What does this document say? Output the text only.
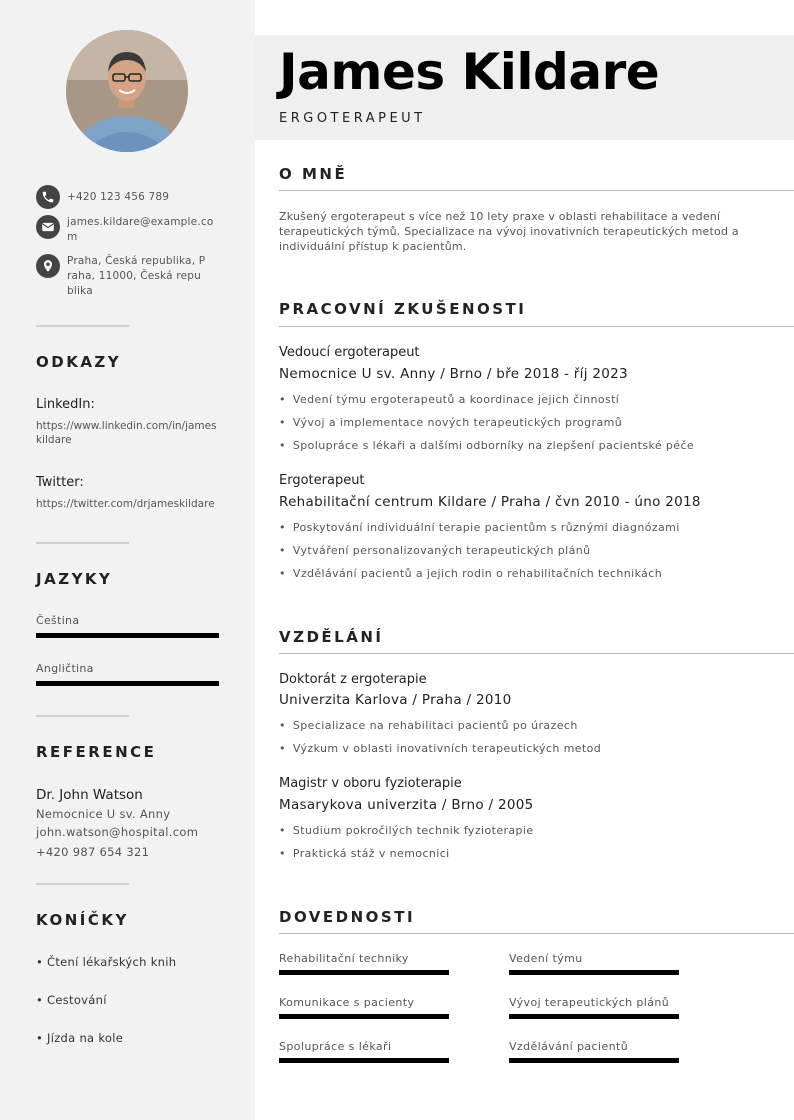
+420 123 456 789
james.kildare@example.com
Praha, Česká republika, Praha, 11000, Česká republika
ODKAZY
LinkedIn:
https://www.linkedin.com/in/jameskildare
Twitter:
https://twitter.com/drjameskildare
JAZYKY
Čeština
Angličtina
REFERENCE
Dr. John Watson
Nemocnice U sv. Anny
john.watson@hospital.com
+420 987 654 321
KONÍČKY
• Čtení lékařských knih
• Cestování
• Jízda na kole
James Kildare
ERGOTERAPEUT
O MNĚ
Zkušený ergoterapeut s více než 10 lety praxe v oblasti rehabilitace a vedení terapeutických týmů. Specializace na vývoj inovativních terapeutických metod a individuální přístup k pacientům.
PRACOVNÍ ZKUŠENOSTI
Vedoucí ergoterapeut
Nemocnice U sv. Anny / Brno / bře 2018 - říj 2023
• Vedení týmu ergoterapeutů a koordinace jejich činností
• Vývoj a implementace nových terapeutických programů
• Spolupráce s lékaři a dalšími odborníky na zlepšení pacientské péče
Ergoterapeut
Rehabilitační centrum Kildare / Praha / čvn 2010 - úno 2018
• Poskytování individuální terapie pacientům s různými diagnózami
• Vytváření personalizovaných terapeutických plánů
• Vzdělávání pacientů a jejich rodin o rehabilitačních technikách
VZDĚLÁNÍ
Doktorát z ergoterapie
Univerzita Karlova / Praha / 2010
• Specializace na rehabilitaci pacientů po úrazech
• Výzkum v oblasti inovativních terapeutických metod
Magistr v oboru fyzioterapie
Masarykova univerzita / Brno / 2005
• Studium pokročilých technik fyzioterapie
• Praktická stáž v nemocnici
DOVEDNOSTI
Rehabilitační techniky	Vedení týmu
Komunikace s pacienty	Vývoj terapeutických plánů
Spolupráce s lékaři	Vzdělávání pacientů
